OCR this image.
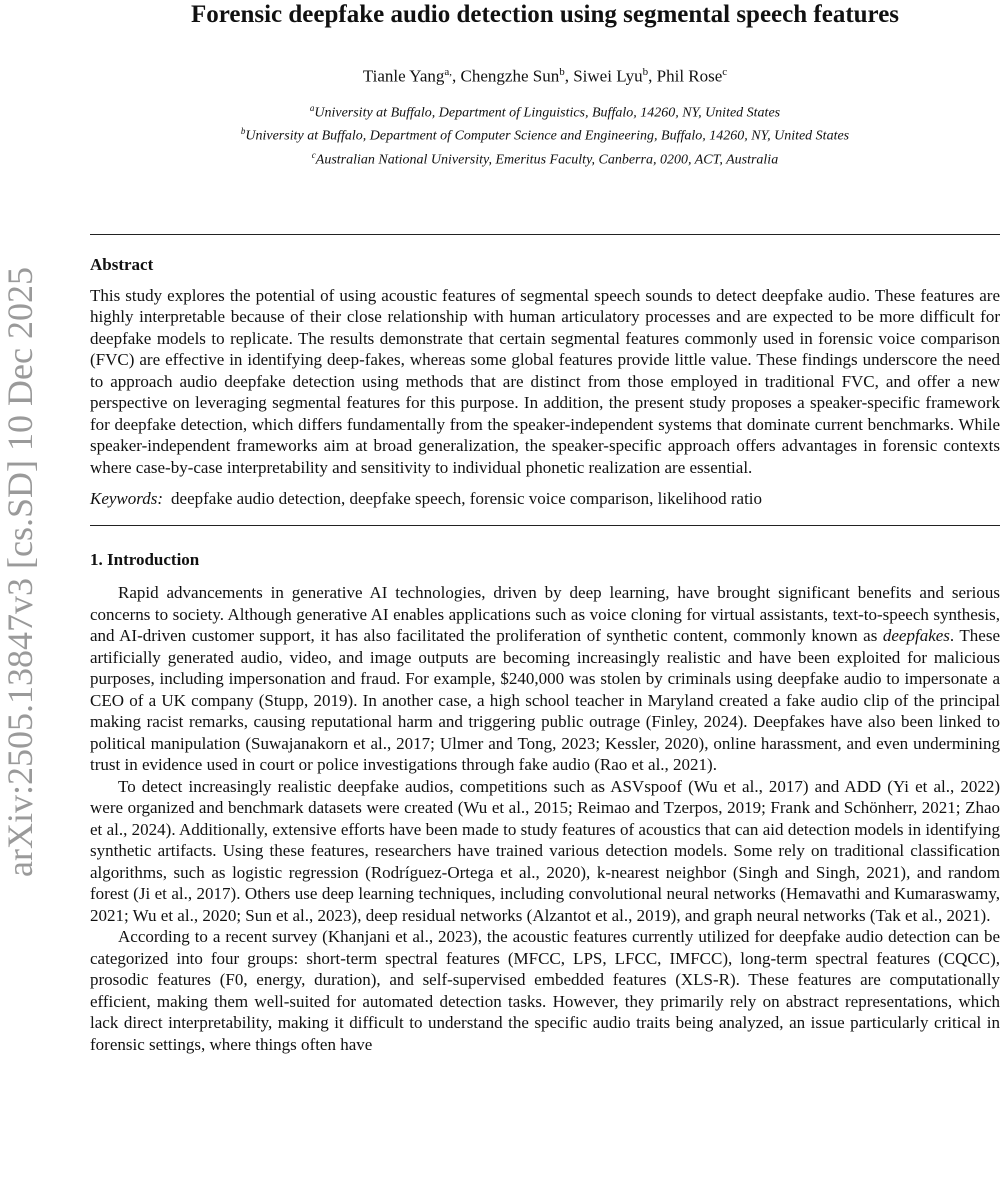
arXiv:2505.13847v3 [cs.SD] 10 Dec 2025
Forensic deepfake audio detection using segmental speech features
Tianle Yang$^{a,}$, Chengzhe Sun$^b$, Siwei Lyu$^b$, Phil Rose$^c$
$^a$University at Buffalo, Department of Linguistics, Buffalo, 14260, NY, United States
$^b$University at Buffalo, Department of Computer Science and Engineering, Buffalo, 14260, NY, United States
$^c$Australian National University, Emeritus Faculty, Canberra, 0200, ACT, Australia
Abstract

This study explores the potential of using acoustic features of segmental speech sounds to detect deepfake audio. These features are highly interpretable because of their close relationship with human articulatory processes and are expected to be more difficult for deepfake models to replicate. The results demonstrate that certain segmental features commonly used in forensic voice comparison (FVC) are effective in identifying deep-fakes, whereas some global features provide little value. These findings underscore the need to approach audio deepfake detection using methods that are distinct from those employed in traditional FVC, and offer a new perspective on leveraging segmental features for this purpose. In addition, the present study proposes a speaker-specific framework for deepfake detection, which differs fundamentally from the speaker-independent systems that dominate current benchmarks. While speaker-independent frameworks aim at broad generalization, the speaker-specific approach offers advantages in forensic contexts where case-by-case interpretability and sensitivity to individual phonetic realization are essential.

Keywords: deepfake audio detection, deepfake speech, forensic voice comparison, likelihood ratio
1. Introduction

Rapid advancements in generative AI technologies, driven by deep learning, have brought significant benefits and serious concerns to society. Although generative AI enables applications such as voice cloning for virtual assistants, text-to-speech synthesis, and AI-driven customer support, it has also facilitated the proliferation of synthetic content, commonly known as deepfakes. These artificially generated audio, video, and image outputs are becoming increasingly realistic and have been exploited for malicious purposes, including impersonation and fraud. For example, $240,000 was stolen by criminals using deepfake audio to impersonate a CEO of a UK company (Stupp, 2019). In another case, a high school teacher in Maryland created a fake audio clip of the principal making racist remarks, causing reputational harm and triggering public outrage (Finley, 2024). Deepfakes have also been linked to political manipulation (Suwajanakorn et al., 2017; Ulmer and Tong, 2023; Kessler, 2020), online harassment, and even undermining trust in evidence used in court or police investigations through fake audio (Rao et al., 2021).

To detect increasingly realistic deepfake audios, competitions such as ASVspoof (Wu et al., 2017) and ADD (Yi et al., 2022) were organized and benchmark datasets were created (Wu et al., 2015; Reimao and Tzerpos, 2019; Frank and Schönherr, 2021; Zhao et al., 2024). Additionally, extensive efforts have been made to study features of acoustics that can aid detection models in identifying synthetic artifacts. Using these features, researchers have trained various detection models. Some rely on traditional classification algorithms, such as logistic regression (Rodríguez-Ortega et al., 2020), k-nearest neighbor (Singh and Singh, 2021), and random forest (Ji et al., 2017). Others use deep learning techniques, including convolutional neural networks (Hemavathi and Kumaraswamy, 2021; Wu et al., 2020; Sun et al., 2023), deep residual networks (Alzantot et al., 2019), and graph neural networks (Tak et al., 2021).

According to a recent survey (Khanjani et al., 2023), the acoustic features currently utilized for deepfake audio detection can be categorized into four groups: short-term spectral features (MFCC, LPS, LFCC, IMFCC), long-term spectral features (CQCC), prosodic features (F0, energy, duration), and self-supervised embedded features (XLS-R). These features are computationally efficient, making them well-suited for automated detection tasks. However, they primarily rely on abstract representations, which lack direct interpretability, making it difficult to understand the specific audio traits being analyzed, an issue particularly critical in forensic settings, where things often have
